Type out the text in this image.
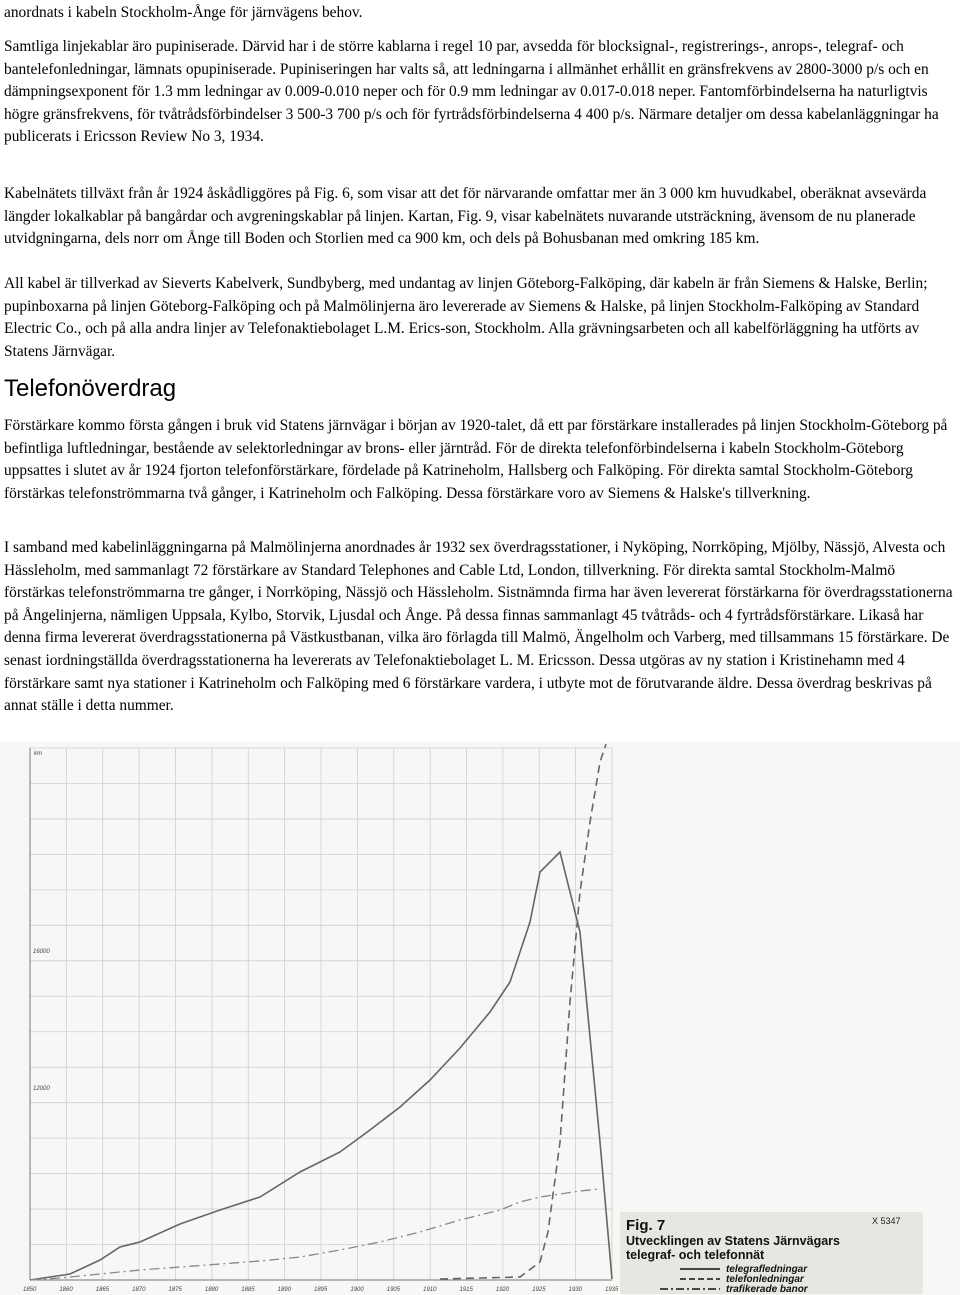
anordnats i kabeln Stockholm-Ånge för järnvägens behov.

Samtliga linjekablar äro pupiniserade. Därvid har i de större kablarna i regel 10 par, avsedda för blocksignal-, registrerings-, anrops-, telegraf- och bantelefonledningar, lämnats opupiniserade. Pupiniseringen har valts så, att ledningarna i allmänhet erhållit en gränsfrekvens av 2800-3000 p/s och en dämpningsexponent för 1.3 mm ledningar av 0.009-0.010 neper och för 0.9 mm ledningar av 0.017-0.018 neper. Fantomförbindelserna ha naturligtvis högre gränsfrekvens, för tvåtrådsförbindelser 3 500-3 700 p/s och för fyrtrådsförbindelserna 4 400 p/s. Närmare detaljer om dessa kabelanläggningar ha publicerats i Ericsson Review No 3, 1934.

Kabelnätets tillväxt från år 1924 åskådliggöres på Fig. 6, som visar att det för närvarande omfattar mer än 3 000 km huvudkabel, oberäknat avsevärda längder lokalkablar på bangårdar och avgreningskablar på linjen. Kartan, Fig. 9, visar kabelnätets nuvarande utsträckning, ävensom de nu planerade utvidgningarna, dels norr om Ånge till Boden och Storlien med ca 900 km, och dels på Bohusbanan med omkring 185 km.

All kabel är tillverkad av Sieverts Kabelverk, Sundbyberg, med undantag av linjen Göteborg-Falköping, där kabeln är från Siemens & Halske, Berlin; pupinboxarna på linjen Göteborg-Falköping och på Malmölinjerna äro levererade av Siemens & Halske, på linjen Stockholm-Falköping av Standard Electric Co., och på alla andra linjer av Telefonaktiebolaget L.M. Erics-son, Stockholm. Alla grävningsarbeten och all kabelförläggning ha utförts av Statens Järnvägar.

Telefonöverdrag

Förstärkare kommo första gången i bruk vid Statens järnvägar i början av 1920-talet, då ett par förstärkare installerades på linjen Stockholm-Göteborg på befintliga luftledningar, bestående av selektorledningar av brons- eller järntråd. För de direkta telefonförbindelserna i kabeln Stockholm-Göteborg uppsattes i slutet av år 1924 fjorton telefonförstärkare, fördelade på Katrineholm, Hallsberg och Falköping. För direkta samtal Stockholm-Göteborg förstärkas telefonströmmarna två gånger, i Katrineholm och Falköping. Dessa förstärkare voro av Siemens & Halske's tillverkning.

I samband med kabelinläggningarna på Malmölinjerna anordnades år 1932 sex överdragsstationer, i Nyköping, Norrköping, Mjölby, Nässjö, Alvesta och Hässleholm, med sammanlagt 72 förstärkare av Standard Telephones and Cable Ltd, London, tillverkning. För direkta samtal Stockholm-Malmö förstärkas telefonströmmarna tre gånger, i Norrköping, Nässjö och Hässleholm. Sistnämnda firma har även levererat förstärkarna för överdragsstationerna på Ångelinjerna, nämligen Uppsala, Kylbo, Storvik, Ljusdal och Ånge. På dessa finnas sammanlagt 45 tvåtråds- och 4 fyrtrådsförstärkare. Likaså har denna firma levererat överdragsstationerna på Västkustbanan, vilka äro förlagda till Malmö, Ängelholm och Varberg, med tillsammans 15 förstärkare. De senast iordningställda överdragsstationerna ha levererats av Telefonaktiebolaget L. M. Ericsson. Dessa utgöras av ny station i Kristinehamn med 4 förstärkare samt nya stationer i Katrineholm och Falköping med 6 förstärkare vardera, i utbyte mot de förutvarande äldre. Dessa överdrag beskrivas på annat ställe i detta nummer.

km
16000
12000
1850	1860	1865	1870	1875	1880	1885	1890	1895	1900	1905	1910	1915	1920	1925	1930	1935
Fig. 7	X 5347
Utvecklingen av Statens Järnvägars
telegraf- och telefonnät
telegrafledningar
telefonledningar
trafikerade banor
